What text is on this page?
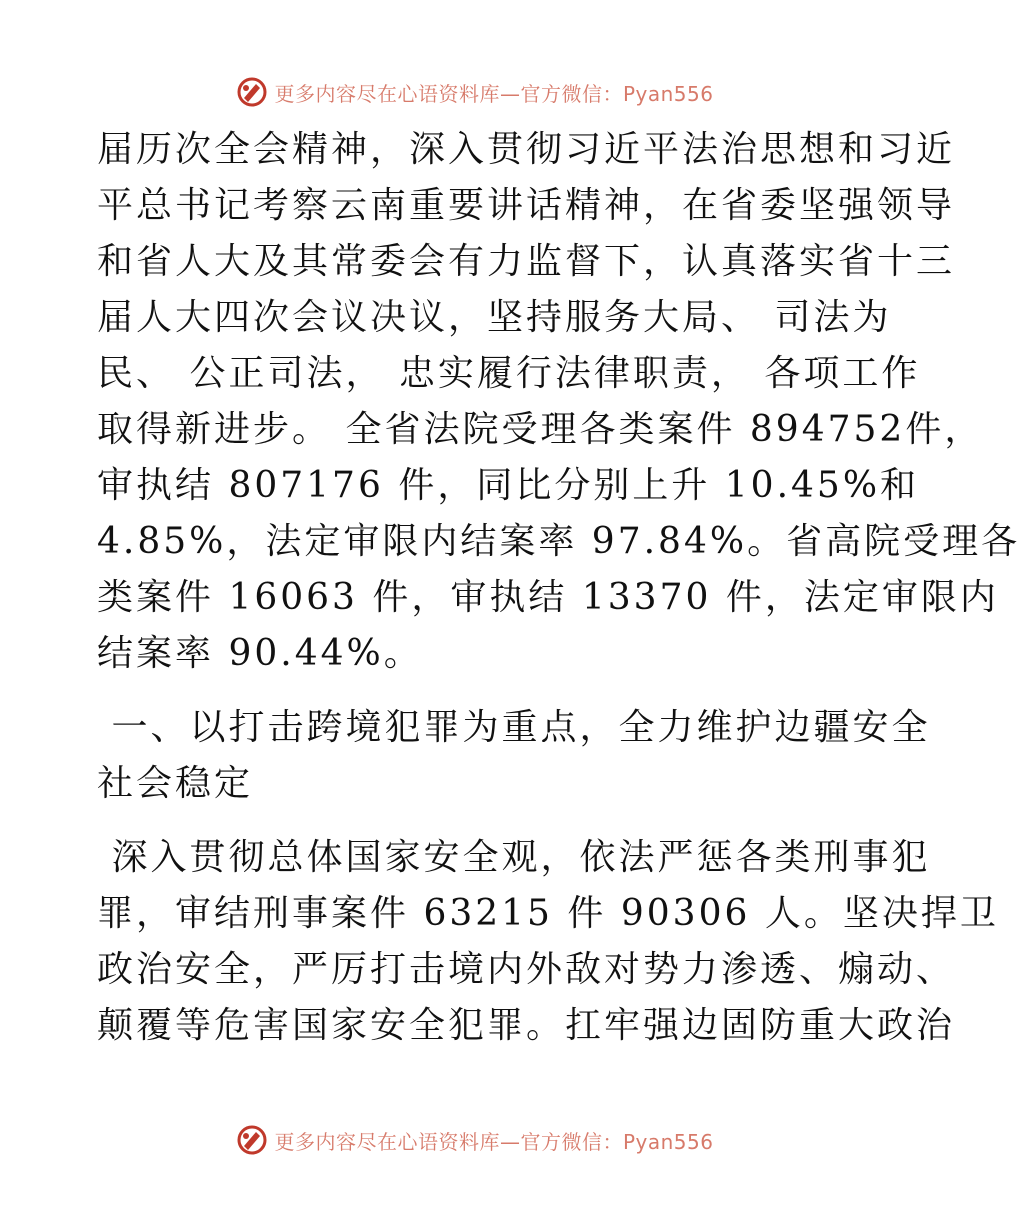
更多内容尽在心语资料库—官方微信：Pyan556
届历次全会精神，深入贯彻习近平法治思想和习近
平总书记考察云南重要讲话精神，在省委坚强领导
和省人大及其常委会有力监督下，认真落实省十三
届人大四次会议决议，坚持服务大局、 司法为
民、 公正司法， 忠实履行法律职责， 各项工作
取得新进步。 全省法院受理各类案件 894752件，
审执结 807176 件，同比分别上升 10.45%和
4.85%，法定审限内结案率 97.84%。省高院受理各
类案件 16063 件，审执结 13370 件，法定审限内
结案率 90.44%。
一、以打击跨境犯罪为重点，全力维护边疆安全
社会稳定
深入贯彻总体国家安全观，依法严惩各类刑事犯
罪，审结刑事案件 63215 件 90306 人。坚决捍卫
政治安全，严厉打击境内外敌对势力渗透、煽动、
颠覆等危害国家安全犯罪。扛牢强边固防重大政治
更多内容尽在心语资料库—官方微信：Pyan556
